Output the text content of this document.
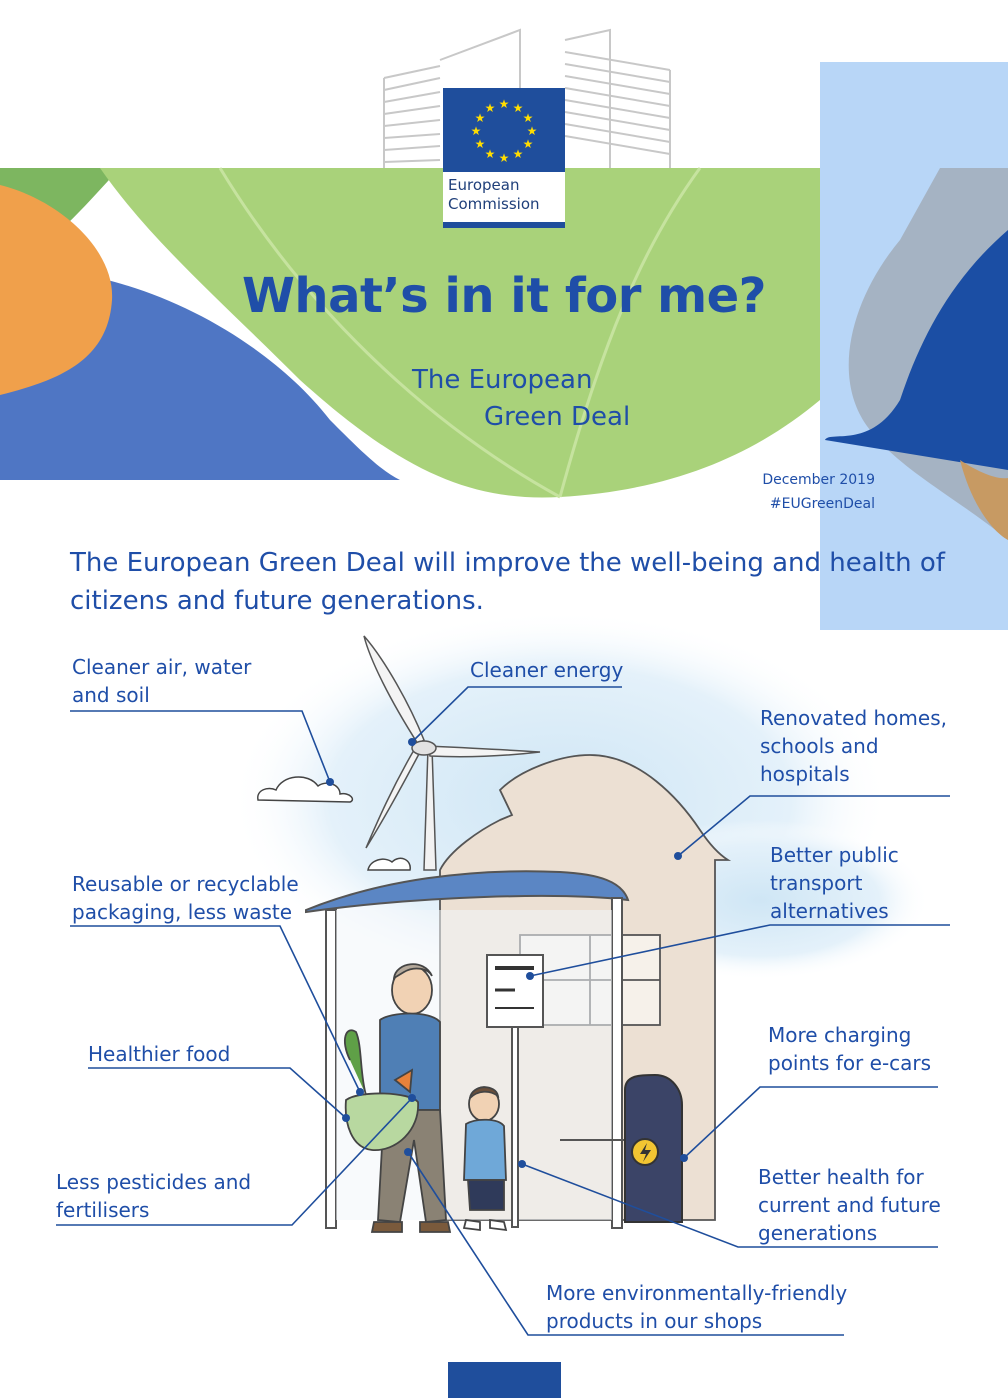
★ ★
★
★
★
★
★
★
★
★
★
★
European
Commission
What’s in it for me?
The European
Green Deal
December 2019
#EUGreenDeal
The European Green Deal will improve the well-being and health of citizens and future generations.
Cleaner air, water
and soil
Cleaner energy
Renovated homes,
schools and
hospitals
Reusable or recyclable
packaging, less waste
Better public
transport
alternatives
More charging
points for e-cars
Healthier food
Less pesticides and
fertilisers
Better health for
current and future
generations
More environmentally-friendly
products in our shops
